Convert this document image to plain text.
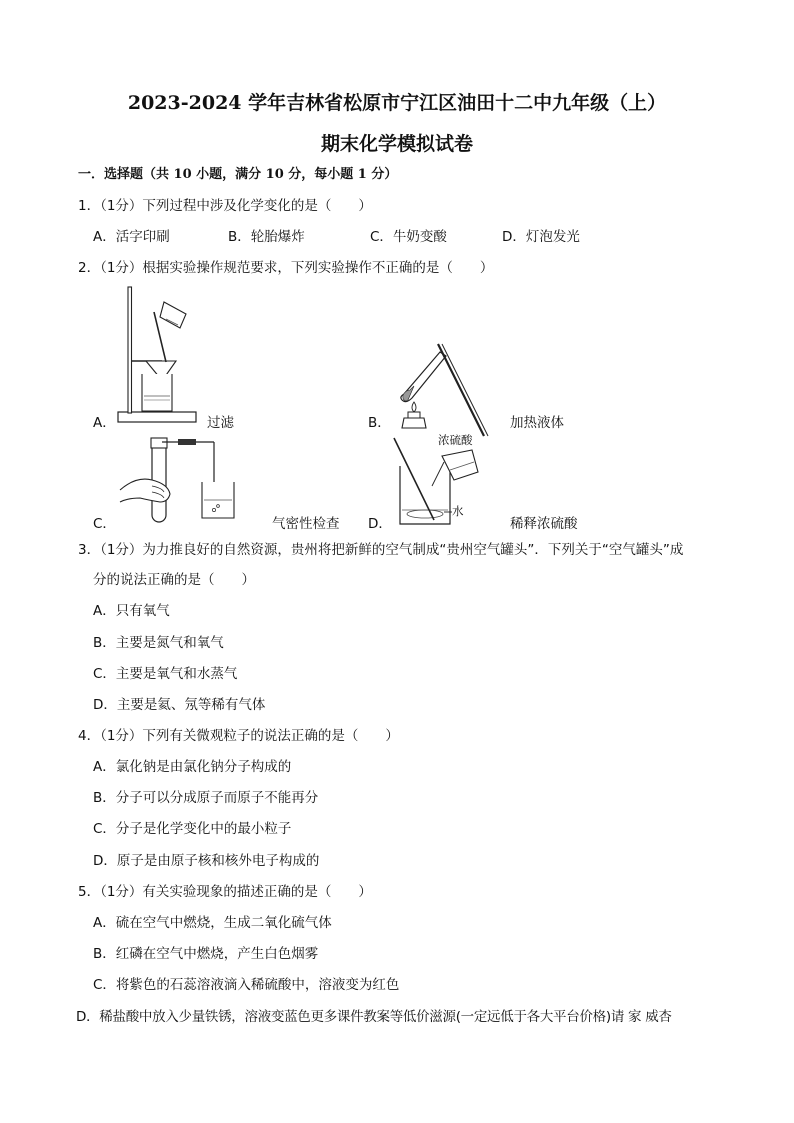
2023-2024 学年吉林省松原市宁江区油田十二中九年级（上）
期末化学模拟试卷
一．选择题（共 10 小题，满分 10 分，每小题 1 分）
1．（1分）下列过程中涉及化学变化的是（　　）
A．活字印刷	B．轮胎爆炸	C．牛奶变酸	D．灯泡发光
2．（1分）根据实验操作规范要求，下列实验操作不正确的是（　　）
A．	过滤	B．	加热液体
C．	气密性检查 D．
浓硫酸
水
稀释浓硫酸
3．（1分）为力推良好的自然资源，贵州将把新鲜的空气制成“贵州空气罐头”．下列关于“空气罐头”成
分的说法正确的是（　　）
A．只有氧气
B．主要是氮气和氧气
C．主要是氧气和水蒸气
D．主要是氦、氖等稀有气体
4．（1分）下列有关微观粒子的说法正确的是（　　）
A．氯化钠是由氯化钠分子构成的
B．分子可以分成原子而原子不能再分
C．分子是化学变化中的最小粒子
D．原子是由原子核和核外电子构成的
5．（1分）有关实验现象的描述正确的是（　　）
A．硫在空气中燃烧，生成二氧化硫气体
B．红磷在空气中燃烧，产生白色烟雾
C．将紫色的石蕊溶液滴入稀硫酸中，溶液变为红色
D．稀盐酸中放入少量铁锈，溶液变蓝色更多课件教案等低价滋源(一定远低于各大平台价格)请 家 威杏
